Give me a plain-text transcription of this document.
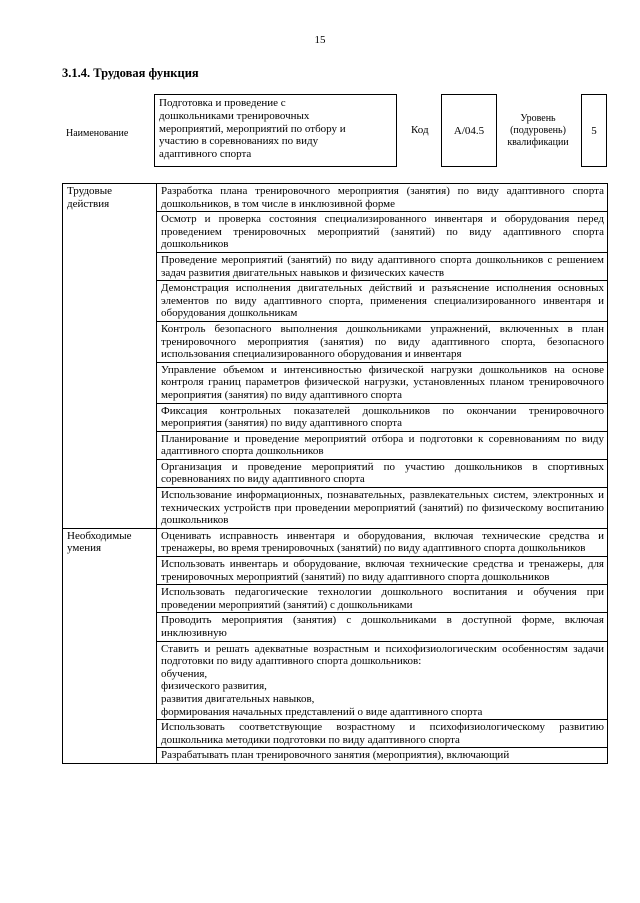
15
3.1.4. Трудовая функция
Наименование
Подготовка и проведение с
дошкольниками тренировочных
мероприятий, мероприятий по отбору и
участию в соревнованиях по виду
адаптивного спорта
Код А/04.5
Уровень
(подуровень)
квалификации
5
Трудовые
действия	Разработка плана тренировочного мероприятия (занятия) по виду адаптивного спорта дошкольников, в том числе в инклюзивной форме
	Осмотр и проверка состояния специализированного инвентаря и оборудования перед проведением тренировочных мероприятий (занятий) по виду адаптивного спорта дошкольников
	Проведение мероприятий (занятий) по виду адаптивного спорта дошкольников с решением задач развития двигательных навыков и физических качеств
	Демонстрация исполнения двигательных действий и разъяснение исполнения основных элементов по виду адаптивного спорта, применения специализированного инвентаря и оборудования дошкольникам
	Контроль безопасного выполнения дошкольниками упражнений, включенных в план тренировочного мероприятия (занятия) по виду адаптивного спорта, безопасного использования специализированного оборудования и инвентаря
	Управление объемом и интенсивностью физической нагрузки дошкольников на основе контроля границ параметров физической нагрузки, установленных планом тренировочного мероприятия (занятия) по виду адаптивного спорта
	Фиксация контрольных показателей дошкольников по окончании тренировочного мероприятия (занятия) по виду адаптивного спорта
	Планирование и проведение мероприятий отбора и подготовки к соревнованиям по виду адаптивного спорта дошкольников
	Организация и проведение мероприятий по участию дошкольников в спортивных соревнованиях по виду адаптивного спорта
	Использование информационных, познавательных, развлекательных систем, электронных и технических устройств при проведении мероприятий (занятий) по физическому воспитанию дошкольников

Необходимые
умения	Оценивать исправность инвентаря и оборудования, включая технические средства и тренажеры, во время тренировочных (занятий) по виду адаптивного спорта дошкольников
	Использовать инвентарь и оборудование, включая технические средства и тренажеры, для тренировочных мероприятий (занятий) по виду адаптивного спорта дошкольников
	Использовать педагогические технологии дошкольного воспитания и обучения при проведении мероприятий (занятий) с дошкольниками
	Проводить мероприятия (занятия) с дошкольниками в доступной форме, включая инклюзивную

	Ставить и решать адекватные возрастным и психофизиологическим особенностям задачи подготовки по виду адаптивного спорта дошкольников:
обучения,
физического развития,
развития двигательных навыков,
формирования начальных представлений о виде адаптивного спорта

	Использовать соответствующие возрастному и психофизиологическому развитию дошкольника методики подготовки по виду адаптивного спорта
	Разрабатывать план тренировочного занятия (мероприятия), включающий
